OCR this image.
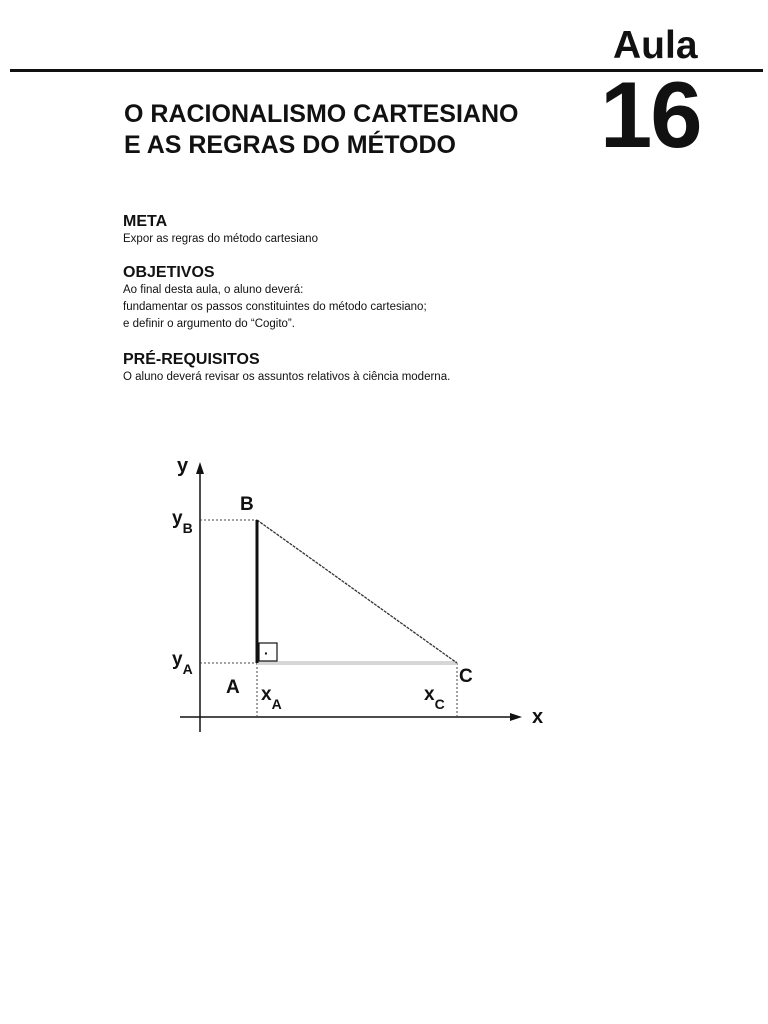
Aula
16
O RACIONALISMO CARTESIANO
E AS REGRAS DO MÉTODO
META

Expor as regras do método cartesiano

OBJETIVOS

Ao final desta aula, o aluno deverá:

fundamentar os passos constituintes do método cartesiano;

e definir o argumento do “Cogito”.

PRÉ-REQUISITOS

O aluno deverá revisar os assuntos relativos à ciência moderna.

·
y
x
B
C
A
$y_B$
$y_A$
$x_A$	$x_C$
